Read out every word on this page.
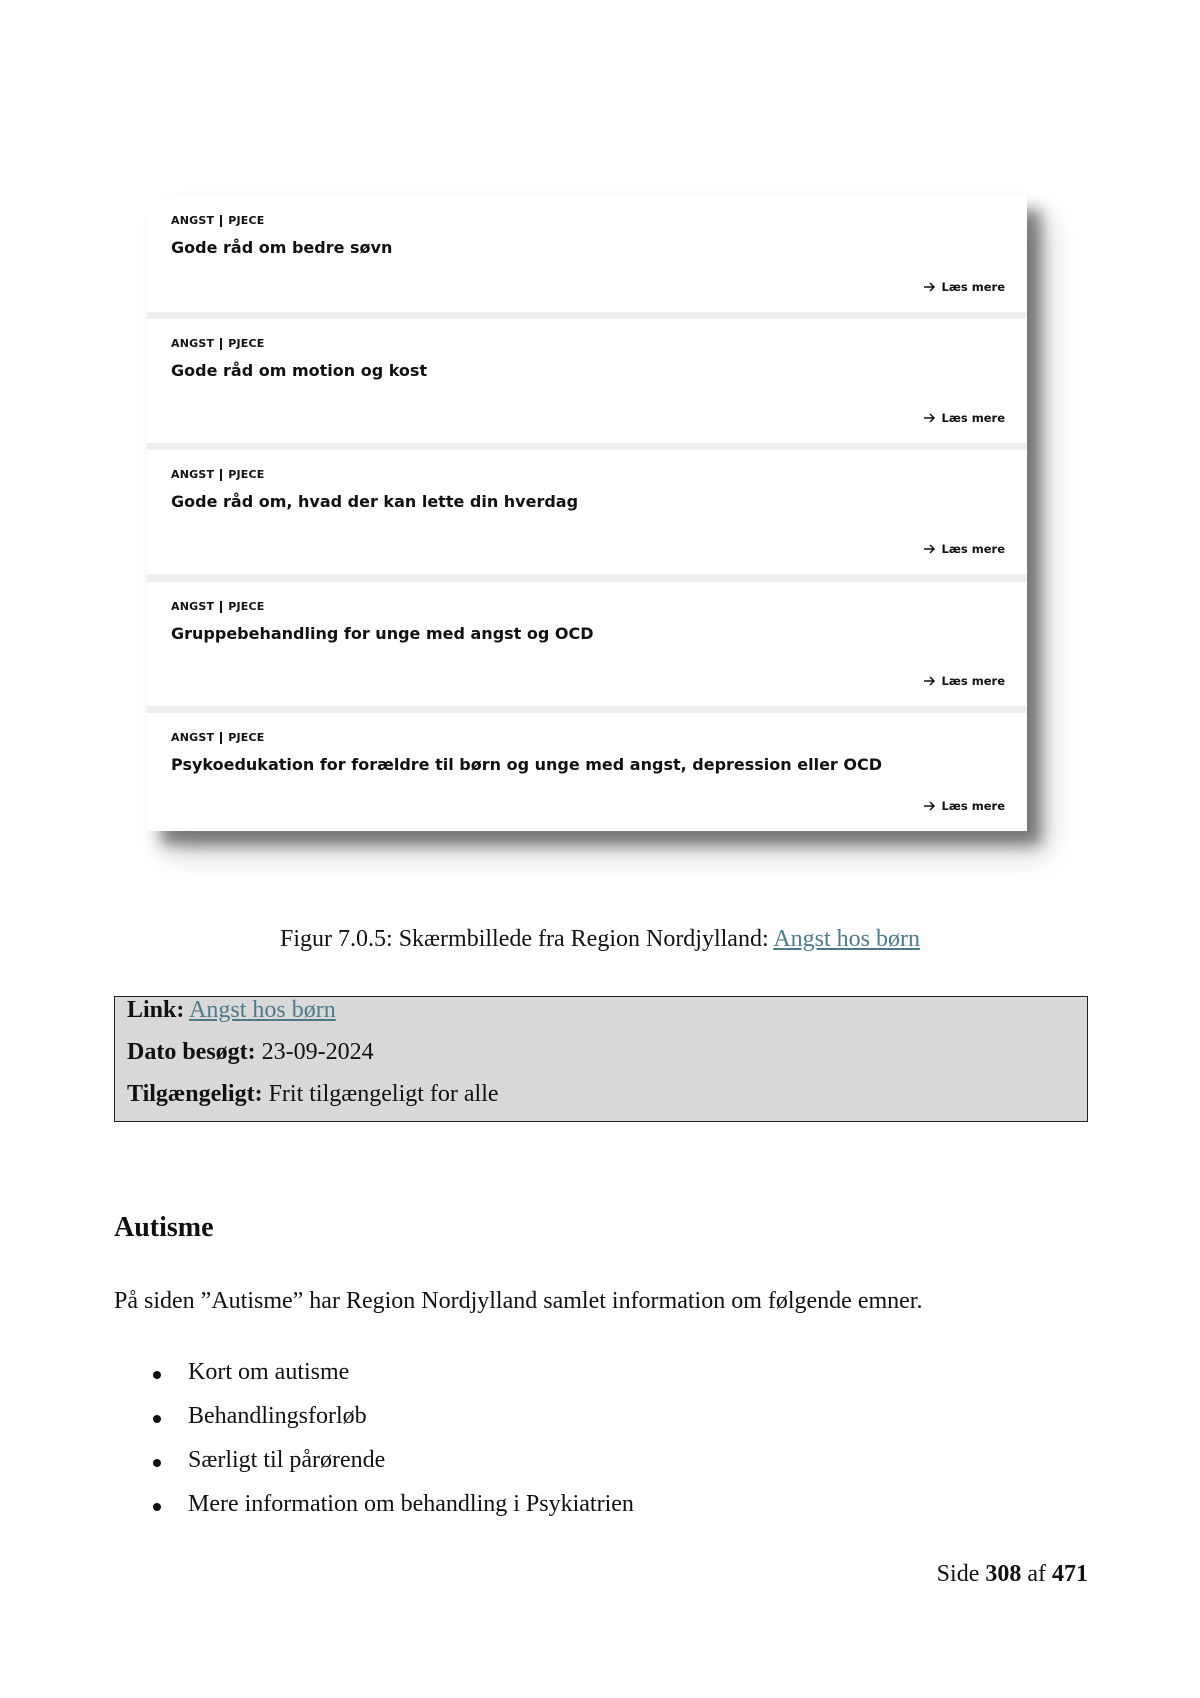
ANGST PJECE
Gode råd om bedre søvn
Læs mere
ANGST PJECE
Gode råd om motion og kost
Læs mere
ANGST PJECE
Gode råd om, hvad der kan lette din hverdag
Læs mere
ANGST PJECE
Gruppebehandling for unge med angst og OCD
Læs mere
ANGST PJECE
Psykoedukation for forældre til børn og unge med angst, depression eller OCD
Læs mere
Figur 7.0.5: Skærmbillede fra Region Nordjylland: Angst hos børn
Link: Angst hos børn
Dato besøgt: 23-09-2024
Tilgængeligt: Frit tilgængeligt for alle
Autisme

På siden ”Autisme” har Region Nordjylland samlet information om følgende emner.

Kort om autisme
Behandlingsforløb
Særligt til pårørende
Mere information om behandling i Psykiatrien
Side 308 af 471
